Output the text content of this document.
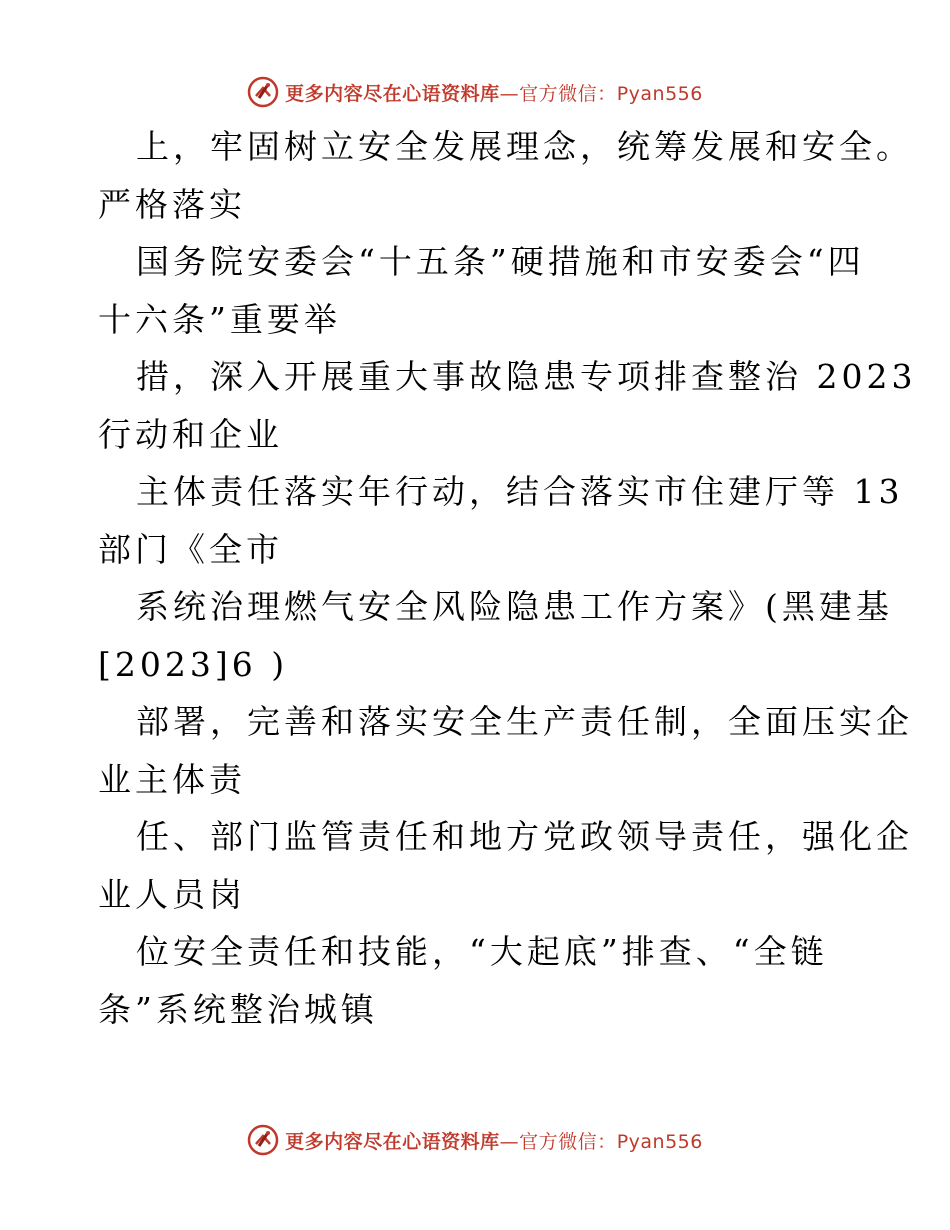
更多内容尽在心语资料库—官方微信：Pyan556
上，牢固树立安全发展理念，统筹发展和安全。
严格落实
国务院安委会“十五条”硬措施和市安委会“四
十六条”重要举
措，深入开展重大事故隐患专项排查整治 2023
行动和企业
主体责任落实年行动，结合落实市住建厅等 13
部门《全市
系统治理燃气安全风险隐患工作方案》(黑建基
[2023]6 )
部署，完善和落实安全生产责任制，全面压实企
业主体责
任、部门监管责任和地方党政领导责任，强化企
业人员岗
位安全责任和技能，“大起底”排查、“全链
条”系统整治城镇
更多内容尽在心语资料库—官方微信：Pyan556
